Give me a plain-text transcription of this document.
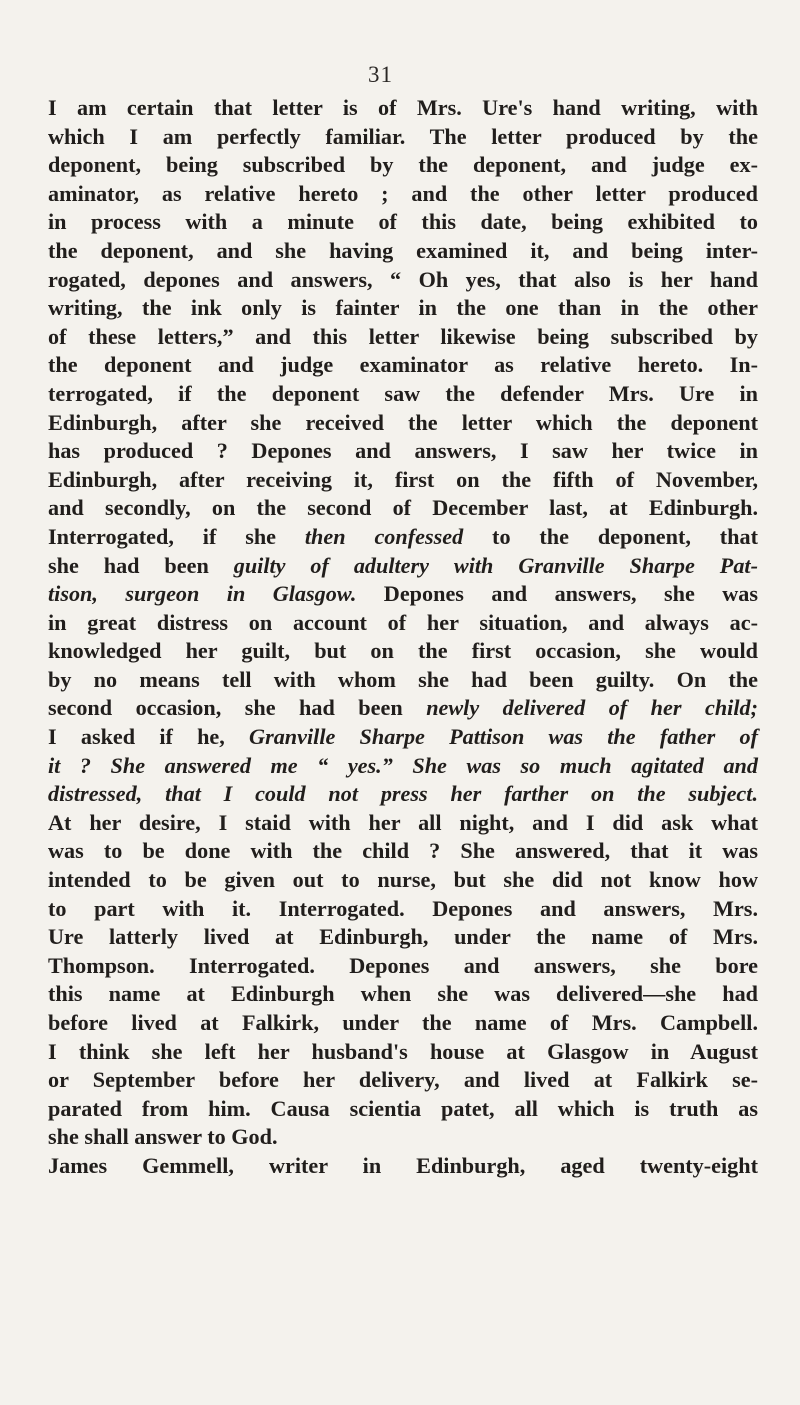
31
I am certain that letter is of Mrs. Ure's hand writing, with
which I am perfectly familiar. The letter produced by the
deponent, being subscribed by the deponent, and judge ex-
aminator, as relative hereto ; and the other letter produced
in process with a minute of this date, being exhibited to
the deponent, and she having examined it, and being inter-
rogated, depones and answers, “ Oh yes, that also is her hand
writing, the ink only is fainter in the one than in the other
of these letters,” and this letter likewise being subscribed by
the deponent and judge examinator as relative hereto. In-
terrogated, if the deponent saw the defender Mrs. Ure in
Edinburgh, after she received the letter which the deponent
has produced ? Depones and answers, I saw her twice in
Edinburgh, after receiving it, first on the fifth of November,
and secondly, on the second of December last, at Edinburgh.
Interrogated, if she then confessed to the deponent, that
she had been guilty of adultery with Granville Sharpe Pat-
tison, surgeon in Glasgow. Depones and answers, she was
in great distress on account of her situation, and always ac-
knowledged her guilt, but on the first occasion, she would
by no means tell with whom she had been guilty. On the
second occasion, she had been newly delivered of her child;
I asked if he, Granville Sharpe Pattison was the father of
it ? She answered me “ yes.” She was so much agitated and
distressed, that I could not press her farther on the subject.
At her desire, I staid with her all night, and I did ask what
was to be done with the child ? She answered, that it was
intended to be given out to nurse, but she did not know how
to part with it. Interrogated. Depones and answers, Mrs.
Ure latterly lived at Edinburgh, under the name of Mrs.
Thompson. Interrogated. Depones and answers, she bore
this name at Edinburgh when she was delivered—she had
before lived at Falkirk, under the name of Mrs. Campbell.
I think she left her husband's house at Glasgow in August
or September before her delivery, and lived at Falkirk se-
parated from him. Causa scientia patet, all which is truth as
she shall answer to God.
James Gemmell, writer in Edinburgh, aged twenty-eight
